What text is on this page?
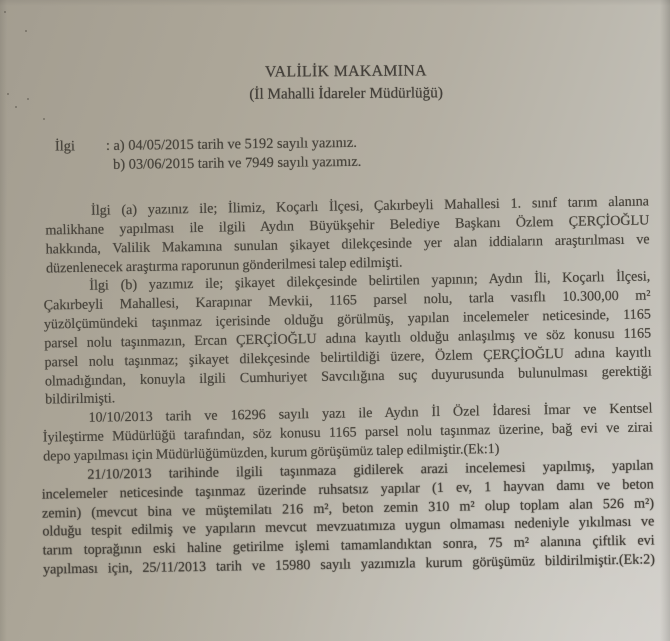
VALİLİK MAKAMINA
(İl Mahalli İdareler Müdürlüğü)
İlgi	: a) 04/05/2015 tarih ve 5192 sayılı yazınız.
b) 03/06/2015 tarih ve 7949 sayılı yazımız.
İlgi (a) yazınız ile; İlimiz, Koçarlı İlçesi, Çakırbeyli Mahallesi 1. sınıf tarım alanına
malikhane yapılması ile ilgili Aydın Büyükşehir Belediye Başkanı Özlem ÇERÇİOĞLU
hakkında, Valilik Makamına sunulan şikayet dilekçesinde yer alan iddiaların araştırılması ve
düzenlenecek araştırma raporunun gönderilmesi talep edilmişti.
İlgi (b) yazımız ile; şikayet dilekçesinde belirtilen yapının; Aydın İli, Koçarlı İlçesi,
Çakırbeyli Mahallesi, Karapınar Mevkii, 1165 parsel nolu, tarla vasıflı 10.300,00 m²
yüzölçümündeki taşınmaz içerisinde olduğu görülmüş, yapılan incelemeler neticesinde, 1165
parsel nolu taşınmazın, Ercan ÇERÇİOĞLU adına kayıtlı olduğu anlaşılmış ve söz konusu 1165
parsel nolu taşınmaz; şikayet dilekçesinde belirtildiği üzere, Özlem ÇERÇİOĞLU adına kayıtlı
olmadığından, konuyla ilgili Cumhuriyet Savcılığına suç duyurusunda bulunulması gerektiği
bildirilmişti.
10/10/2013 tarih ve 16296 sayılı yazı ile Aydın İl Özel İdaresi İmar ve Kentsel
İyileştirme Müdürlüğü tarafından, söz konusu 1165 parsel nolu taşınmaz üzerine, bağ evi ve zirai
depo yapılması için Müdürlüğümüzden, kurum görüşümüz talep edilmiştir.(Ek:1)
21/10/2013 tarihinde ilgili taşınmaza gidilerek arazi incelemesi yapılmış, yapılan
incelemeler neticesinde taşınmaz üzerinde ruhsatsız yapılar (1 ev, 1 hayvan damı ve beton
zemin) (mevcut bina ve müştemilatı 216 m², beton zemin 310 m² olup toplam alan 526 m²)
olduğu tespit edilmiş ve yapıların mevcut mevzuatımıza uygun olmaması nedeniyle yıkılması ve
tarım toprağının eski haline getirilme işlemi tamamlandıktan sonra, 75 m² alanına çiftlik evi
yapılması için, 25/11/2013 tarih ve 15980 sayılı yazımızla kurum görüşümüz bildirilmiştir.(Ek:2)
